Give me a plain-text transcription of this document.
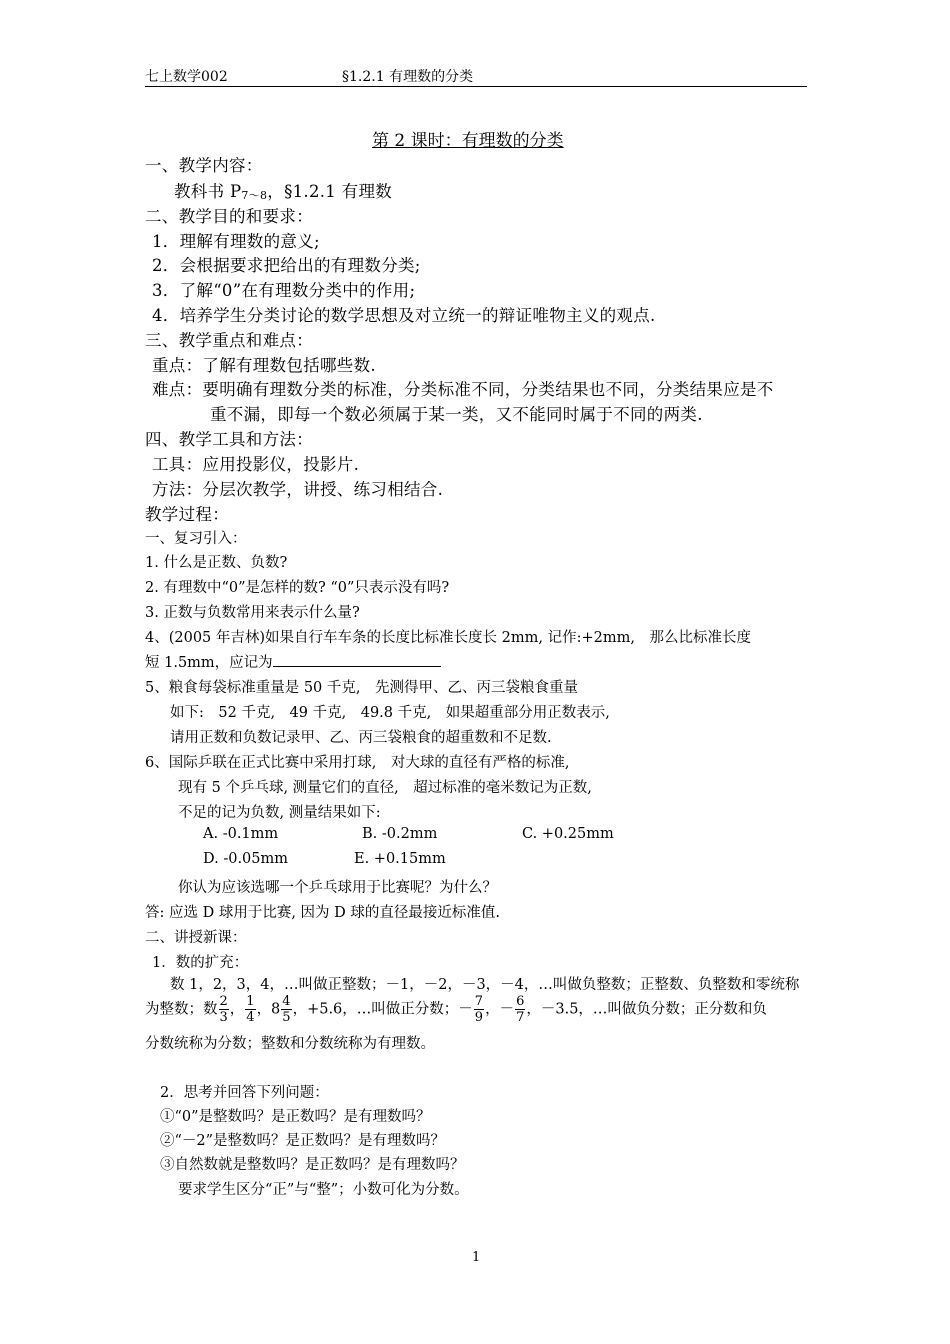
七上数学002	§1.2.1 有理数的分类
第 2 课时：有理数的分类
一、教学内容：
教科书 P7～8，§1.2.1 有理数
二、教学目的和要求：
1．理解有理数的意义;
2．会根据要求把给出的有理数分类;
3．了解“0”在有理数分类中的作用;
4．培养学生分类讨论的数学思想及对立统一的辩证唯物主义的观点.
三、教学重点和难点：
重点：了解有理数包括哪些数.
难点：要明确有理数分类的标准，分类标准不同，分类结果也不同，分类结果应是不
重不漏，即每一个数必须属于某一类，又不能同时属于不同的两类.
四、教学工具和方法：
工具：应用投影仪，投影片.
方法：分层次教学，讲授、练习相结合.
教学过程：
一、复习引入：
1. 什么是正数、负数?
2. 有理数中“0”是怎样的数? “0”只表示没有吗?
3. 正数与负数常用来表示什么量?
4、(2005 年吉林)如果自行车车条的长度比标准长度长 2mm, 记作:+2mm,　那么比标准长度
短 1.5mm，应记为
5、粮食每袋标准重量是 50 千克,　先测得甲、乙、丙三袋粮食重量
如下:　52 千克,　49 千克,　49.8 千克,　如果超重部分用正数表示,
请用正数和负数记录甲、乙、丙三袋粮食的超重数和不足数.
6、国际乒联在正式比赛中采用打球,　对大球的直径有严格的标准,
现有 5 个乒乓球, 测量它们的直径,　超过标准的毫米数记为正数,
不足的记为负数, 测量结果如下:
A. -0.1mm	B. -0.2mm	C. +0.25mm
D. -0.05mm	E. +0.15mm
你认为应该选哪一个乒乓球用于比赛呢？为什么？
答: 应选 D 球用于比赛, 因为 D 球的直径最接近标准值.
二、讲授新课：
1．数的扩充：
数 1，2，3，4，…叫做正整数；－1，－2，－3，－4，…叫做负整数；正整数、负整数和零统称
为整数；数 $\frac{2}{3}$ ， $\frac{1}{4}$ ，$8 \frac{4}{5}$ ，+5.6，…叫做正分数；－ $\frac{7}{9}$ ，－ $\frac{6}{7}$ ，－3.5，…叫做负分数；正分数和负
分数统称为分数；整数和分数统称为有理数。
2．思考并回答下列问题：
①“0”是整数吗？是正数吗？是有理数吗？
②“－2”是整数吗？是正数吗？是有理数吗？
③自然数就是整数吗？是正数吗？是有理数吗？
要求学生区分“正”与“整”；小数可化为分数。
1
